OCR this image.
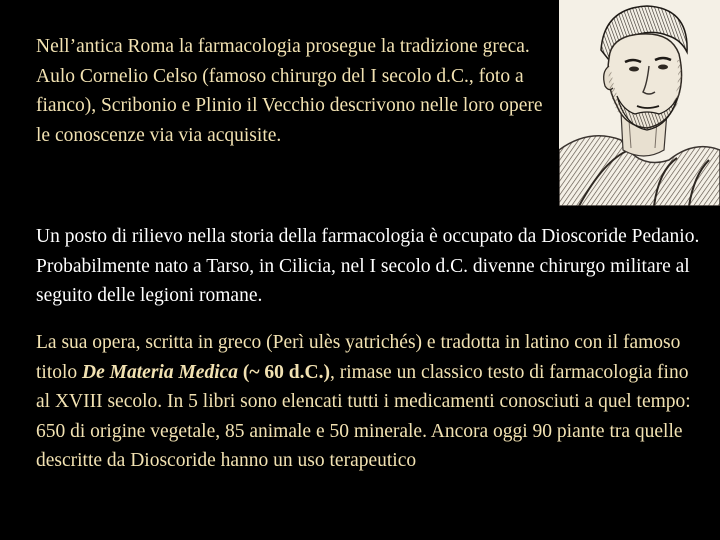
Nell’antica Roma la farmacologia prosegue la tradizione greca. Aulo Cornelio Celso (famoso chirurgo del I secolo d.C., foto a fianco), Scribonio e Plinio il Vecchio descrivono nelle loro opere le conoscenze via via acquisite.

Un posto di rilievo nella storia della farmacologia è occupato da Dioscoride Pedanio. Probabilmente nato a Tarso, in Cilicia, nel I secolo d.C. divenne chirurgo militare al seguito delle legioni romane.

La sua opera, scritta in greco (Perì ulès yatrichés) e tradotta in latino con il famoso titolo De Materia Medica (~ 60 d.C.), rimase un classico testo di farmacologia fino al XVIII secolo. In 5 libri sono elencati tutti i medicamenti conosciuti a quel tempo: 650 di origine vegetale, 85 animale e 50 minerale. Ancora oggi 90 piante tra quelle descritte da Dioscoride hanno un uso terapeutico
